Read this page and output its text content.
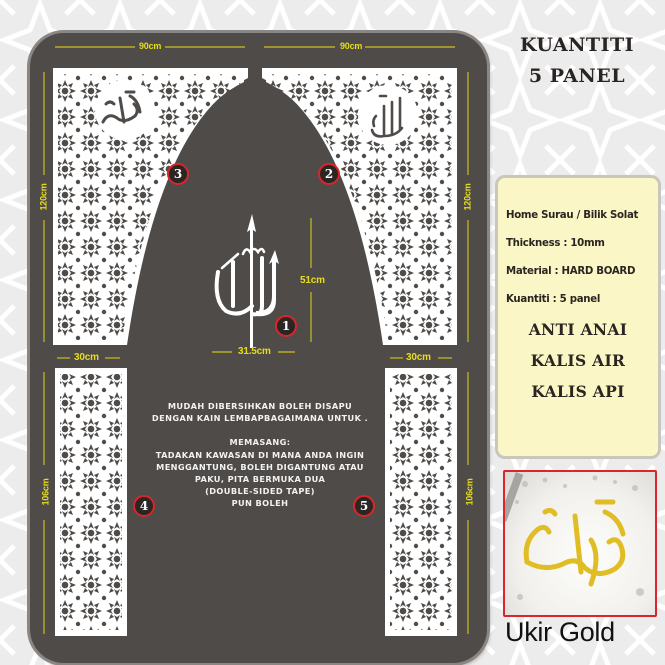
90cm	90cm
120cm	120cm
51cm
31.5cm
30cm	30cm
106cm	106cm
1
2
3
4	5
MUDAH DIBERSIHKAN BOLEH DISAPU
DENGAN KAIN LEMBAPBAGAIMANA UNTUK .
MEMASANG:
TADAKAN KAWASAN DI MANA ANDA INGIN
MENGGANTUNG, BOLEH DIGANTUNG ATAU
PAKU, PITA BERMUKA DUA
(DOUBLE-SIDED TAPE)
PUN BOLEH
KUANTITI
5 PANEL
Home Surau / Bilik Solat
Thickness : 10mm
Material : HARD BOARD
Kuantiti : 5 panel
ANTI ANAI
KALIS AIR
KALIS API
Ukir Gold
